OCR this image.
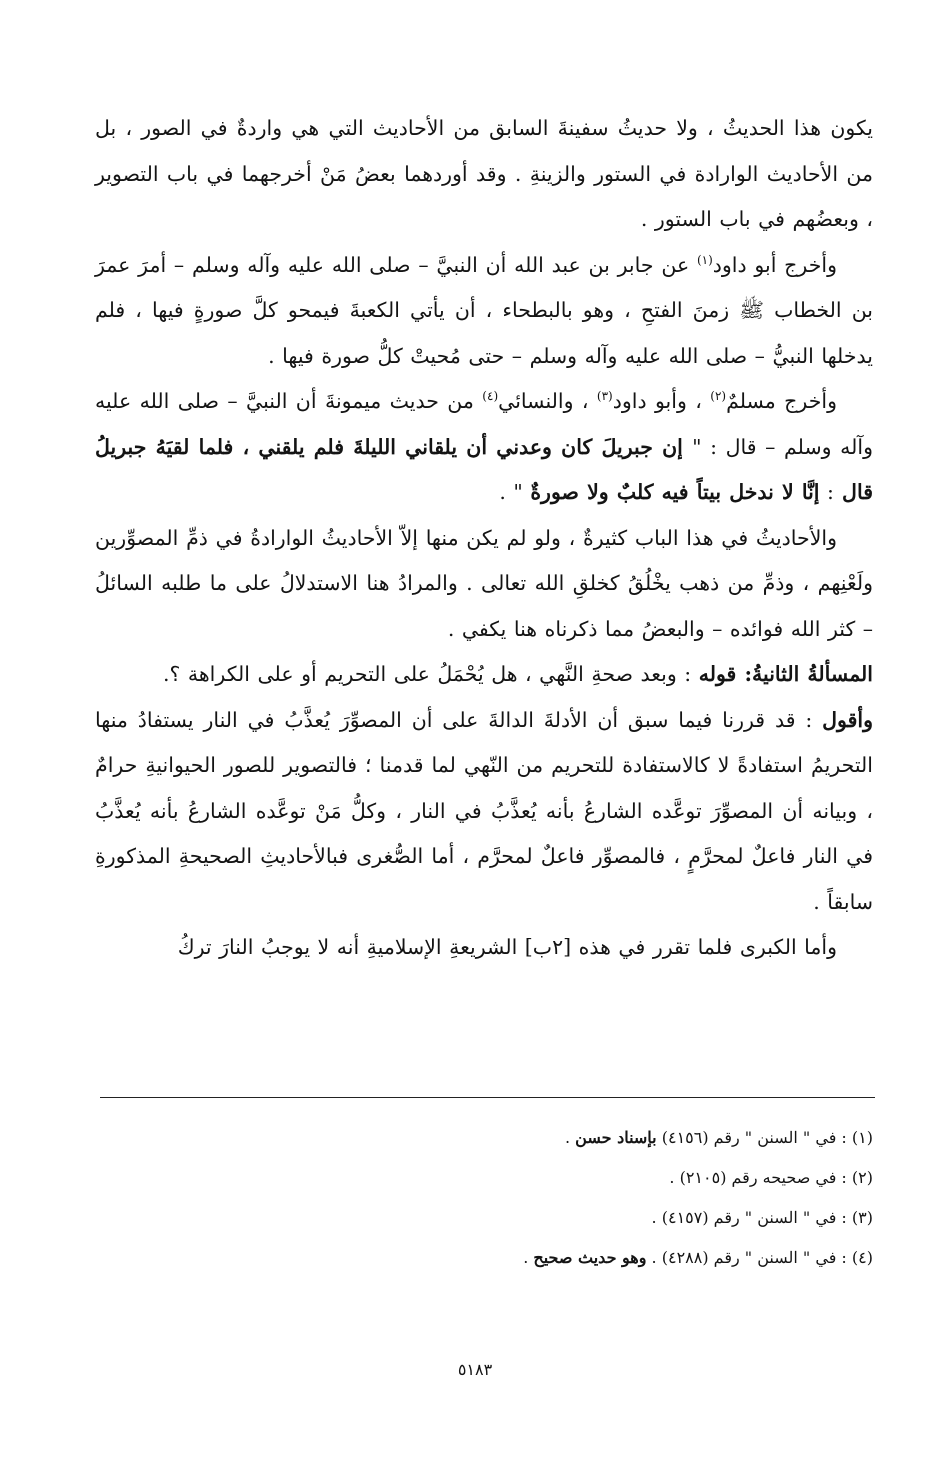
يكون هذا الحديثُ ، ولا حديثُ سفينةَ السابق من الأحاديث التي هي واردةٌ في الصور ، بل من الأحاديث الوارادة في الستور والزينةِ . وقد أوردهما بعضُ مَنْ أخرجهما في باب التصوير ، وبعضُهم في باب الستور .

وأخرج أبو داود$^{(١)}$ عن جابر بن عبد الله أن النبيَّ – صلى الله عليه وآله وسلم – أمرَ عمرَ بن الخطاب ﷺ زمنَ الفتحِ ، وهو بالبطحاء ، أن يأتي الكعبةَ فيمحو كلَّ صورةٍ فيها ، فلم يدخلها النبيُّ – صلى الله عليه وآله وسلم – حتى مُحيتْ كلُّ صورة فيها .

وأخرج مسلمٌ$^{(٢)}$ ، وأبو داود$^{(٣)}$ ، والنسائي$^{(٤)}$ من حديث ميمونةَ أن النبيَّ – صلى الله عليه وآله وسلم – قال : " إن جبريلَ كان وعدني أن يلقاني الليلةَ فلم يلقني ، فلما لقيَهُ جبريلُ قال : إنَّا لا ندخل بيتاً فيه كلبٌ ولا صورةٌ " .

والأحاديثُ في هذا الباب كثيرةٌ ، ولو لم يكن منها إلاّ الأحاديثُ الوارادةُ في ذمِّ المصوِّرين ولَعْنِهم ، وذمِّ من ذهب يخْلُقُ كخلقِ الله تعالى . والمرادُ هنا الاستدلالُ على ما طلبه السائلُ – كثر الله فوائده – والبعضُ مما ذكرناه هنا يكفي .

المسألةُ الثانيةُ: قوله : وبعد صحةِ النَّهي ، هل يُحْمَلُ على التحريم أو على الكراهة ؟.

وأقول : قد قررنا فيما سبق أن الأدلةَ الدالةَ على أن المصوِّرَ يُعذَّبُ في النار يستفادُ منها التحريمُ استفادةً لا كالاستفادة للتحريم من النّهي لما قدمنا ؛ فالتصوير للصور الحيوانيةِ حرامٌ ، وبيانه أن المصوِّرَ توعَّده الشارعُ بأنه يُعذَّبُ في النار ، وكلُّ مَنْ توعَّده الشارعُ بأنه يُعذَّبُ في النار فاعلٌ لمحرَّمٍ ، فالمصوِّر فاعلٌ لمحرَّم ، أما الصُّغرى فبالأحاديثِ الصحيحةِ المذكورةِ سابقاً .

وأما الكبرى فلما تقرر في هذه [٢ب] الشريعةِ الإسلاميةِ أنه لا يوجبُ النارَ تركُ

(١) : في " السنن " رقم (٤١٥٦) بإسناد حسن .

(٢) : في صحيحه رقم (٢١٠٥) .

(٣) : في " السنن " رقم (٤١٥٧) .

(٤) : في " السنن " رقم (٤٢٨٨) . وهو حديث صحيح .

٥١٨٣
